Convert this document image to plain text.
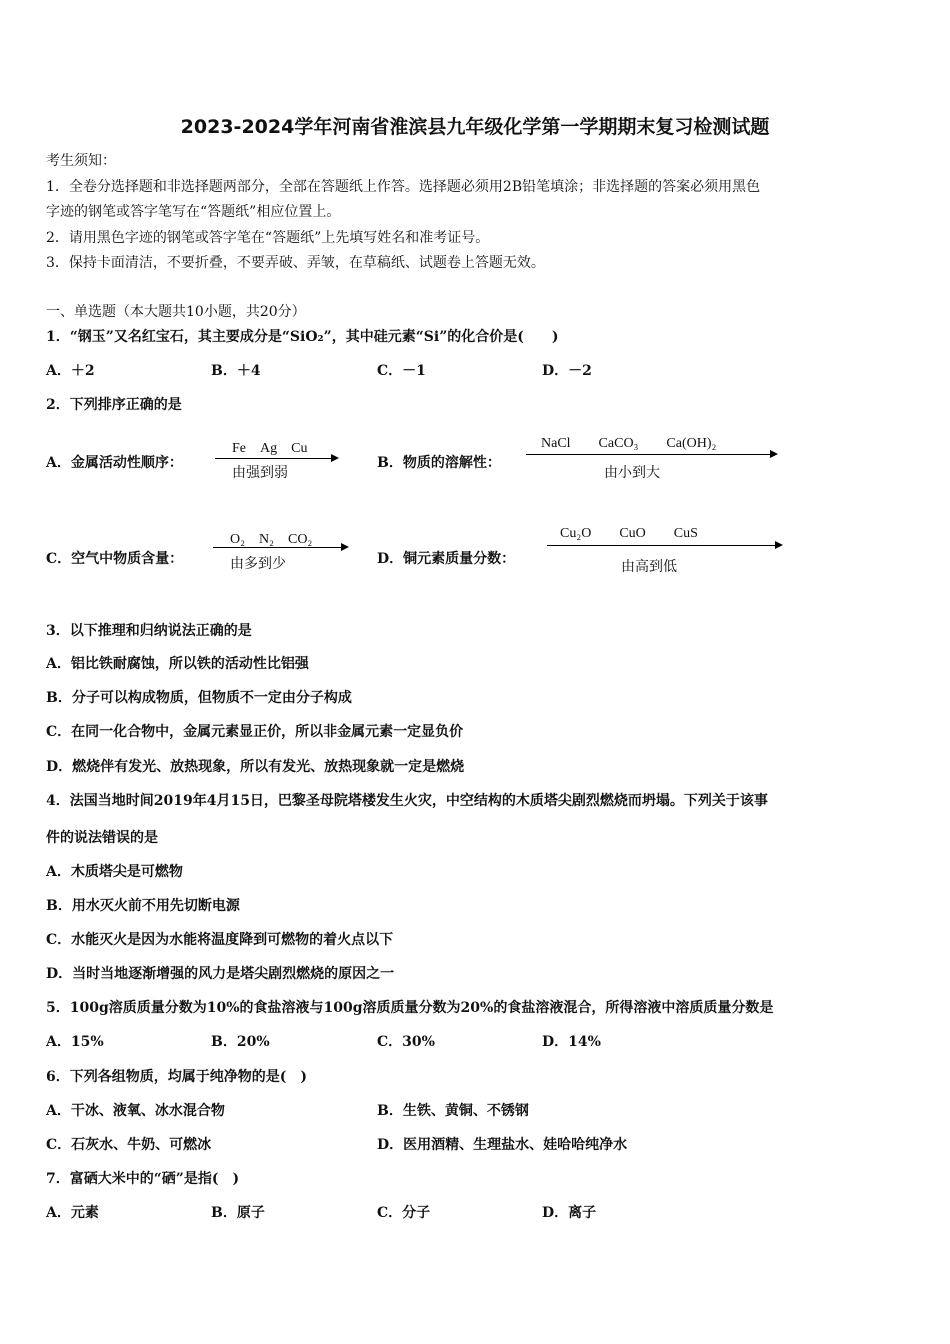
2023-2024学年河南省淮滨县九年级化学第一学期期末复习检测试题
考生须知：
1．全卷分选择题和非选择题两部分，全部在答题纸上作答。选择题必须用2B铅笔填涂；非选择题的答案必须用黑色
字迹的钢笔或答字笔写在“答题纸”相应位置上。
2．请用黑色字迹的钢笔或答字笔在“答题纸”上先填写姓名和准考证号。
3．保持卡面清洁，不要折叠，不要弄破、弄皱，在草稿纸、试题卷上答题无效。
一、单选题（本大题共10小题，共20分）
1．“钢玉”又名红宝石，其主要成分是“SiO₂”，其中硅元素“Si”的化合价是(　　)
A．＋2	B．＋4	C．－1	D．－2
2．下列排序正确的是
A．金属活动性顺序：
Fe　Ag　Cu
由强到弱
B．物质的溶解性：
NaCl　　CaCO₃　　Ca(OH)₂
由小到大
C．空气中物质含量：
O₂　N₂　CO₂
由多到少	D．铜元素质量分数：
Cu₂O　　CuO　　CuS
由高到低
3．以下推理和归纳说法正确的是
A．铝比铁耐腐蚀，所以铁的活动性比铝强
B．分子可以构成物质，但物质不一定由分子构成
C．在同一化合物中，金属元素显正价，所以非金属元素一定显负价
D．燃烧伴有发光、放热现象，所以有发光、放热现象就一定是燃烧
4．法国当地时间2019年4月15日，巴黎圣母院塔楼发生火灾，中空结构的木质塔尖剧烈燃烧而坍塌。下列关于该事
件的说法错误的是
A．木质塔尖是可燃物
B．用水灭火前不用先切断电源
C．水能灭火是因为水能将温度降到可燃物的着火点以下
D．当时当地逐渐增强的风力是塔尖剧烈燃烧的原因之一
5．100g溶质质量分数为10%的食盐溶液与100g溶质质量分数为20%的食盐溶液混合，所得溶液中溶质质量分数是
A．15%	B．20%	C．30%	D．14%
6．下列各组物质，均属于纯净物的是(　)
A．干冰、液氧、冰水混合物	B．生铁、黄铜、不锈钢
C．石灰水、牛奶、可燃冰	D．医用酒精、生理盐水、娃哈哈纯净水
7．富硒大米中的“硒”是指(　)
A．元素	B．原子	C．分子	D．离子
